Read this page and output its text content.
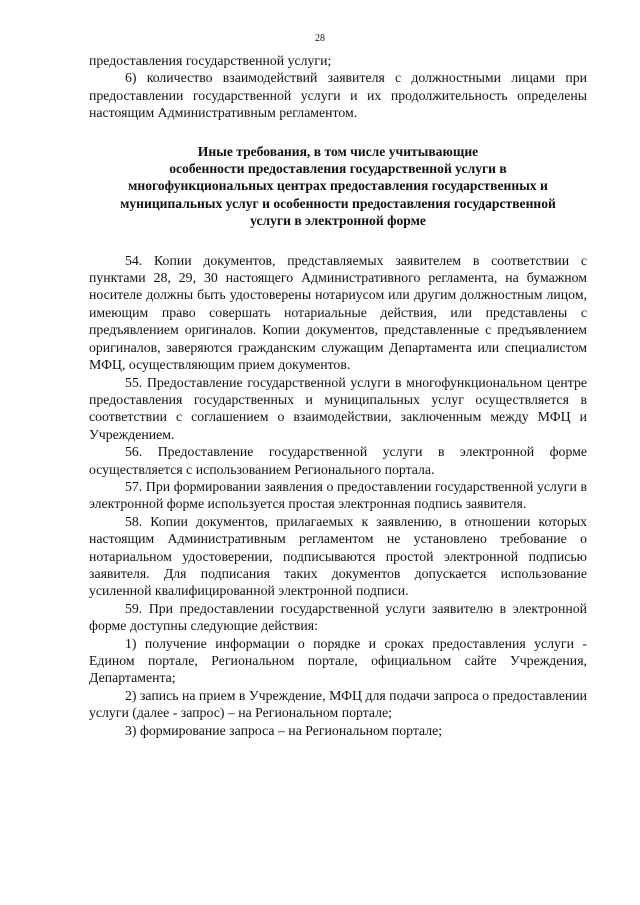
28

предоставления государственной услуги;

6) количество взаимодействий заявителя с должностными лицами при предоставлении государственной услуги и их продолжительность определены настоящим Административным регламентом.

Иные требования, в том числе учитывающие
особенности предоставления государственной услуги в
многофункциональных центрах предоставления государственных и
муниципальных услуг и особенности предоставления государственной
услуги в электронной форме

54. Копии документов, представляемых заявителем в соответствии с пунктами 28, 29, 30 настоящего Административного регламента, на бумажном носителе должны быть удостоверены нотариусом или другим должностным лицом, имеющим право совершать нотариальные действия, или представлены с предъявлением оригиналов. Копии документов, представленные с предъявлением оригиналов, заверяются гражданским служащим Департамента или специалистом МФЦ, осуществляющим прием документов.

55. Предоставление государственной услуги в многофункциональном центре предоставления государственных и муниципальных услуг осуществляется в соответствии с соглашением о взаимодействии, заключенным между МФЦ и Учреждением.

56. Предоставление государственной услуги в электронной форме осуществляется с использованием Регионального портала.

57. При формировании заявления о предоставлении государственной услуги в электронной форме используется простая электронная подпись заявителя.

58. Копии документов, прилагаемых к заявлению, в отношении которых настоящим Административным регламентом не установлено требование о нотариальном удостоверении, подписываются простой электронной подписью заявителя. Для подписания таких документов допускается использование усиленной квалифицированной электронной подписи.

59. При предоставлении государственной услуги заявителю в электронной форме доступны следующие действия:

1) получение информации о порядке и сроках предоставления услуги - Едином портале, Региональном портале, официальном сайте Учреждения, Департамента;

2) запись на прием в Учреждение, МФЦ для подачи запроса о предоставлении услуги (далее - запрос) – на Региональном портале;

3) формирование запроса – на Региональном портале;
